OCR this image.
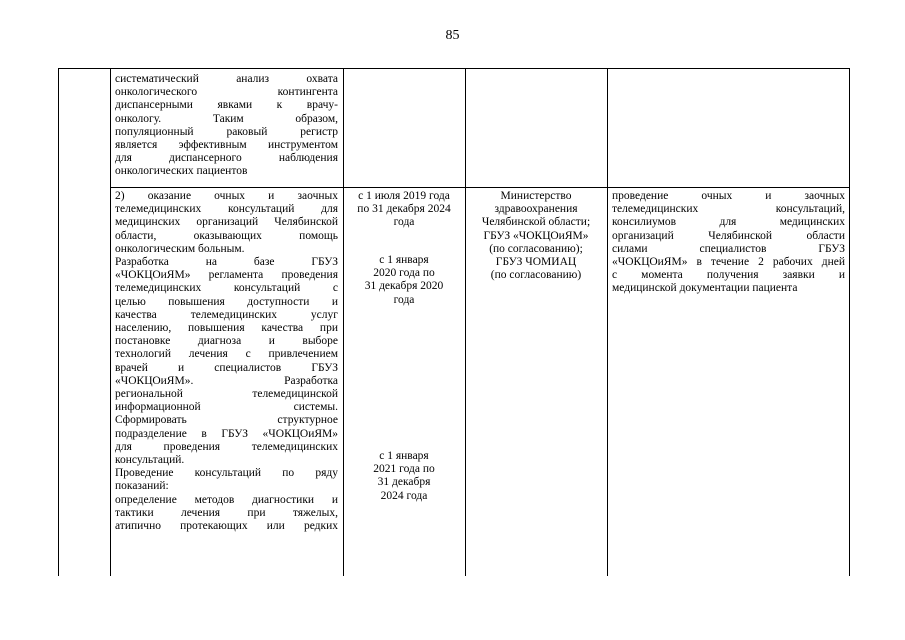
85

систематический анализ охвата

онкологического контингента

диспансерными явками к врачу-

онкологу. Таким образом,

популяционный раковый регистр

является эффективным инструментом

для диспансерного наблюдения

онкологических пациентов

2) оказание очных и заочных

телемедицинских консультаций для

медицинских организаций Челябинской

области, оказывающих помощь

онкологическим больным.

Разработка на базе ГБУЗ

«ЧОКЦОиЯМ» регламента проведения

телемедицинских консультаций с

целью повышения доступности и

качества телемедицинских услуг

населению, повышения качества при

постановке диагноза и выборе

технологий лечения с привлечением

врачей и специалистов ГБУЗ

«ЧОКЦОиЯМ». Разработка

региональной телемедицинской

информационной системы.

Сформировать структурное

подразделение в ГБУЗ «ЧОКЦОиЯМ»

для проведения телемедицинских

консультаций.

Проведение консультаций по ряду

показаний:

определение методов диагностики и

тактики лечения при тяжелых,

атипично протекающих или редких

с 1 июля 2019 года

по 31 декабря 2024

года

с 1 января

2020 года по

31 декабря 2020

года

с 1 января

2021 года по

31 декабря

2024 года

Министерство

здравоохранения

Челябинской области;

ГБУЗ «ЧОКЦОиЯМ»

(по согласованию);

ГБУЗ ЧОМИАЦ

(по согласованию)

проведение очных и заочных

телемедицинских консультаций,

консилиумов для медицинских

организаций Челябинской области

силами специалистов ГБУЗ

«ЧОКЦОиЯМ» в течение 2 рабочих дней

с момента получения заявки и

медицинской документации пациента
